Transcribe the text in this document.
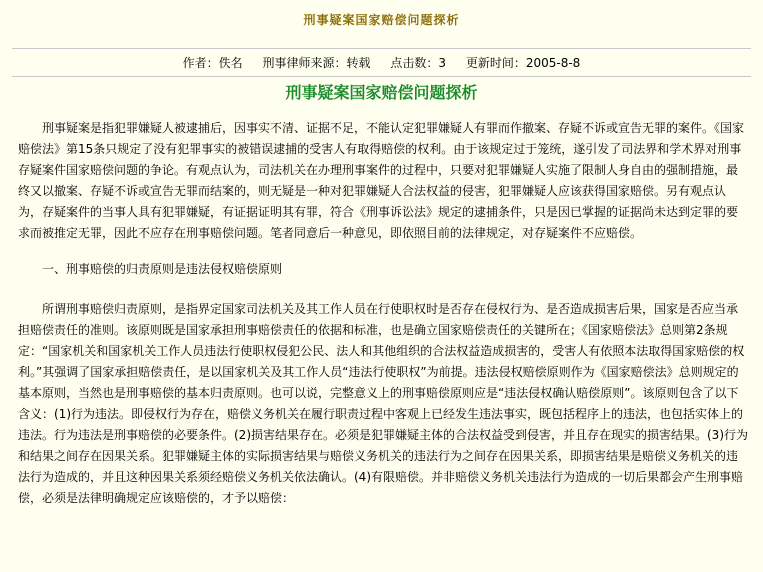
刑事疑案国家赔偿问题探析
作者：佚名 刑事律师来源：转载 点击数：3 更新时间：2005-8-8
刑事疑案国家赔偿问题探析

刑事疑案是指犯罪嫌疑人被逮捕后，因事实不清、证据不足，不能认定犯罪嫌疑人有罪而作撤案、存疑不诉或宣告无罪的案件。《国家赔偿法》第15条只规定了没有犯罪事实的被错误逮捕的受害人有取得赔偿的权利。由于该规定过于笼统，遂引发了司法界和学术界对刑事存疑案件国家赔偿问题的争论。有观点认为，司法机关在办理刑事案件的过程中，只要对犯罪嫌疑人实施了限制人身自由的强制措施，最终又以撤案、存疑不诉或宣告无罪而结案的，则无疑是一种对犯罪嫌疑人合法权益的侵害，犯罪嫌疑人应该获得国家赔偿。另有观点认为，存疑案件的当事人具有犯罪嫌疑，有证据证明其有罪，符合《刑事诉讼法》规定的逮捕条件，只是因已掌握的证据尚未达到定罪的要求而被推定无罪，因此不应存在刑事赔偿问题。笔者同意后一种意见，即依照目前的法律规定，对存疑案件不应赔偿。

一、刑事赔偿的归责原则是违法侵权赔偿原则

所谓刑事赔偿归责原则，是指界定国家司法机关及其工作人员在行使职权时是否存在侵权行为、是否造成损害后果，国家是否应当承担赔偿责任的准则。该原则既是国家承担刑事赔偿责任的依据和标准，也是确立国家赔偿责任的关键所在；《国家赔偿法》总则第2条规定：“国家机关和国家机关工作人员违法行使职权侵犯公民、法人和其他组织的合法权益造成损害的，受害人有依照本法取得国家赔偿的权利。”其强调了国家承担赔偿责任，是以国家机关及其工作人员“违法行使职权”为前提。违法侵权赔偿原则作为《国家赔偿法》总则规定的基本原则，当然也是刑事赔偿的基本归责原则。也可以说，完整意义上的刑事赔偿原则应是“违法侵权确认赔偿原则”。该原则包含了以下含义：(1)行为违法。即侵权行为存在，赔偿义务机关在履行职责过程中客观上已经发生违法事实，既包括程序上的违法，也包括实体上的违法。行为违法是刑事赔偿的必要条件。(2)损害结果存在。必须是犯罪嫌疑主体的合法权益受到侵害，并且存在现实的损害结果。(3)行为和结果之间存在因果关系。犯罪嫌疑主体的实际损害结果与赔偿义务机关的违法行为之间存在因果关系，即损害结果是赔偿义务机关的违法行为造成的，并且这种因果关系须经赔偿义务机关依法确认。(4)有限赔偿。并非赔偿义务机关违法行为造成的一切后果都会产生刑事赔偿，必须是法律明确规定应该赔偿的，才予以赔偿：
